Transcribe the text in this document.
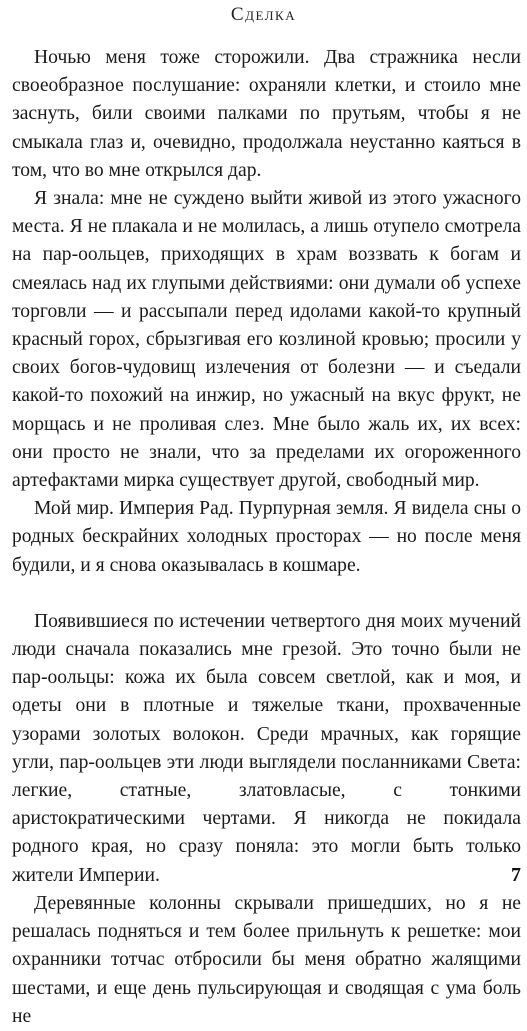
Сделка

Ночью меня тоже сторожили. Два стражника несли своеобразное послушание: охраняли клетки, и стоило мне заснуть, били своими палками по прутьям, чтобы я не смыкала глаз и, очевидно, продолжала неустанно каяться в том, что во мне открылся дар.

Я знала: мне не суждено выйти живой из этого ужасного места. Я не плакала и не молилась, а лишь отупело смотрела на пар-оольцев, приходящих в храм воззвать к богам и смеялась над их глупыми действиями: они думали об успехе торговли — и рассыпали перед идолами какой-то крупный красный горох, сбрызгивая его козлиной кровью; просили у своих богов-чудовищ излечения от болезни — и съедали какой-то похожий на инжир, но ужасный на вкус фрукт, не морщась и не проливая слез. Мне было жаль их, их всех: они просто не знали, что за пределами их огороженного артефактами мирка существует другой, свободный мир.

Мой мир. Империя Рад. Пурпурная земля. Я видела сны о родных бескрайних холодных просторах — но после меня будили, и я снова оказывалась в кошмаре.

Появившиеся по истечении четвертого дня моих мучений люди сначала показались мне грезой. Это точно были не пар-оольцы: кожа их была совсем светлой, как и моя, и одеты они в плотные и тяжелые ткани, прохваченные узорами золотых волокон. Среди мрачных, как горящие угли, пар-оольцев эти люди выглядели посланниками Света: легкие, статные, златовласые, с тонкими аристократическими чертами. Я никогда не покидала родного края, но сразу поняла: это могли быть только жители Империи.

Деревянные колонны скрывали пришедших, но я не решалась подняться и тем более прильнуть к решетке: мои охранники тотчас отбросили бы меня обратно жалящими шестами, и еще день пульсирующая и сводящая с ума боль не

7
